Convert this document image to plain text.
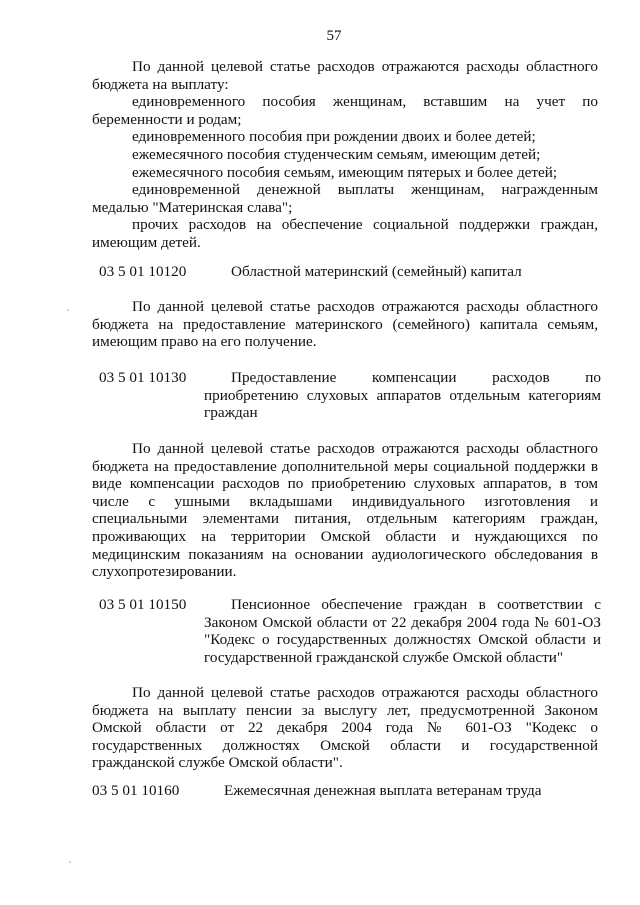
57
По данной целевой статье расходов отражаются расходы областного
бюджета на выплату:
единовременного пособия женщинам, вставшим на учет по
беременности и родам;
единовременного пособия при рождении двоих и более детей;
ежемесячного пособия студенческим семьям, имеющим детей;
ежемесячного пособия семьям, имеющим пятерых и более детей;
единовременной денежной выплаты женщинам, награжденным
медалью "Материнская слава";
прочих расходов на обеспечение социальной поддержки граждан,
имеющим детей.
03 5 01 10120	Областной материнский (семейный) капитал
По данной целевой статье расходов отражаются расходы областного
бюджета на предоставление материнского (семейного) капитала семьям,
имеющим право на его получение.
03 5 01 10130	Предоставление компенсации расходов по
приобретению слуховых аппаратов отдельным категориям
граждан
По данной целевой статье расходов отражаются расходы областного
бюджета на предоставление дополнительной меры социальной поддержки в
виде компенсации расходов по приобретению слуховых аппаратов, в том
числе с ушными вкладышами индивидуального изготовления и
специальными элементами питания, отдельным категориям граждан,
проживающих на территории Омской области и нуждающихся по
медицинским показаниям на основании аудиологического обследования в
слухопротезировании.
03 5 01 10150	Пенсионное обеспечение граждан в соответствии с
Законом Омской области от 22 декабря 2004 года № 601-ОЗ
"Кодекс о государственных должностях Омской области и
государственной гражданской службе Омской области"
По данной целевой статье расходов отражаются расходы областного
бюджета на выплату пенсии за выслугу лет, предусмотренной Законом
Омской области от 22 декабря 2004 года № 601-ОЗ "Кодекс о
государственных должностях Омской области и государственной
гражданской службе Омской области".
03 5 01 10160	Ежемесячная денежная выплата ветеранам труда
